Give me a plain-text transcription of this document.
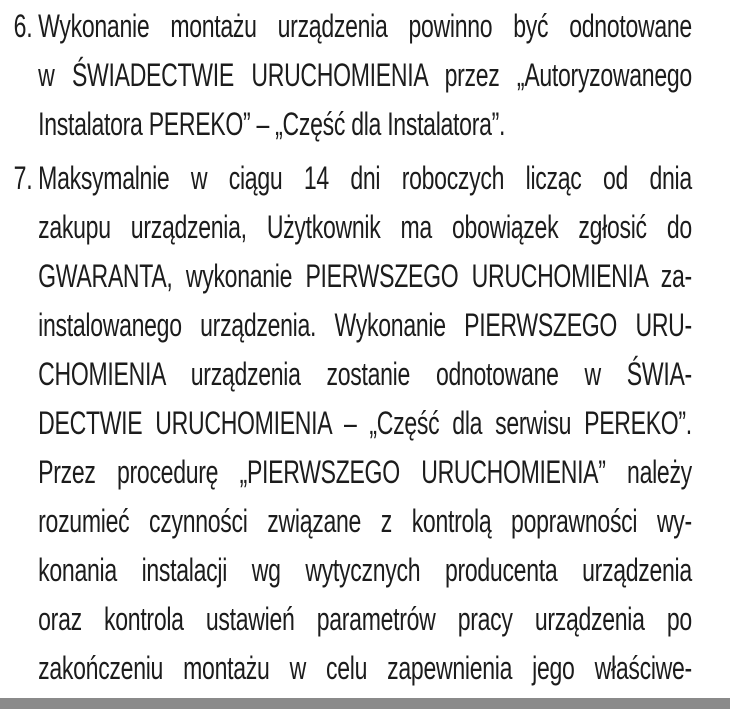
6. Wykonanie montażu urządzenia powinno być odnotowane
w ŚWIADECTWIE URUCHOMIENIA przez „Autoryzowanego
Instalatora PEREKO” – „Część dla Instalatora”.
7. Maksymalnie w ciągu 14 dni roboczych licząc od dnia
zakupu urządzenia, Użytkownik ma obowiązek zgłosić do
GWARANTA, wykonanie PIERWSZEGO URUCHOMIENIA za-
instalowanego urządzenia. Wykonanie PIERWSZEGO URU-
CHOMIENIA urządzenia zostanie odnotowane w ŚWIA-
DECTWIE URUCHOMIENIA – „Część dla serwisu PEREKO”.
Przez procedurę „PIERWSZEGO URUCHOMIENIA” należy
rozumieć czynności związane z kontrolą poprawności wy-
konania instalacji wg wytycznych producenta urządzenia
oraz kontrola ustawień parametrów pracy urządzenia po
zakończeniu montażu w celu zapewnienia jego właściwe-
